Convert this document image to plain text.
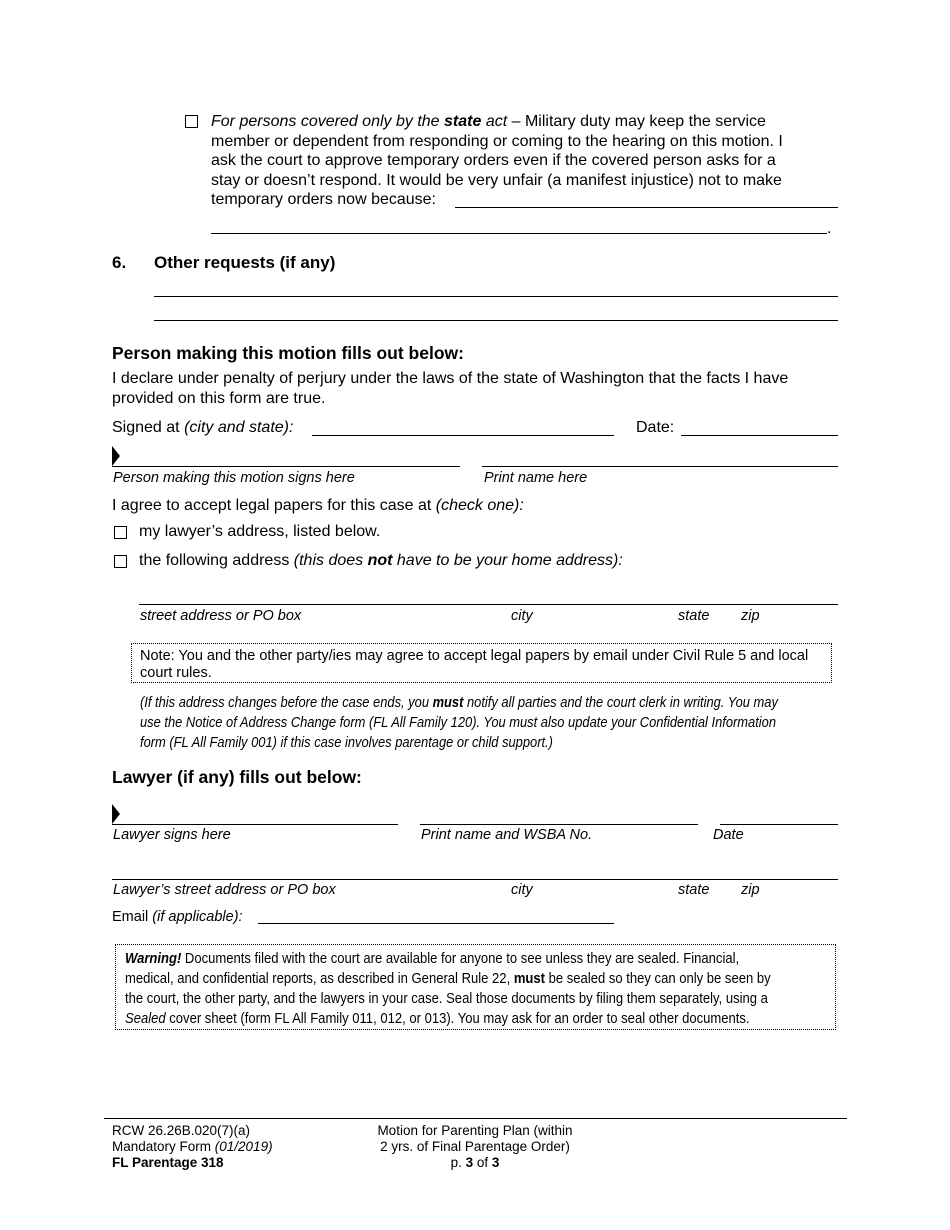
For persons covered only by the state act – Military duty may keep the service
member or dependent from responding or coming to the hearing on this motion. I
ask the court to approve temporary orders even if the covered person asks for a
stay or doesn’t respond. It would be very unfair (a manifest injustice) not to make
temporary orders now because:
.
6. Other requests (if any)
Person making this motion fills out below:
I declare under penalty of perjury under the laws of the state of Washington that the facts I have
provided on this form are true.
Signed at (city and state):	Date:
Person making this motion signs here	Print name here
I agree to accept legal papers for this case at (check one):
my lawyer’s address, listed below.
the following address (this does not have to be your home address):
street address or PO box	city	state zip
Note: You and the other party/ies may agree to accept legal papers by email under Civil Rule 5 and local court rules.
(If this address changes before the case ends, you must notify all parties and the court clerk in writing. You may
use the Notice of Address Change form (FL All Family 120). You must also update your Confidential Information
form (FL All Family 001) if this case involves parentage or child support.)
Lawyer (if any) fills out below:
Lawyer signs here	Print name and WSBA No.	Date
Lawyer’s street address or PO box	city	state zip
Email (if applicable):
Warning! Documents filed with the court are available for anyone to see unless they are sealed. Financial,
medical, and confidential reports, as described in General Rule 22, must be sealed so they can only be seen by
the court, the other party, and the lawyers in your case. Seal those documents by filing them separately, using a
Sealed cover sheet (form FL All Family 011, 012, or 013). You may ask for an order to seal other documents.
RCW 26.26B.020(7)(a)
Mandatory Form (01/2019)
FL Parentage 318
Motion for Parenting Plan (within
2 yrs. of Final Parentage Order)
p. 3 of 3
